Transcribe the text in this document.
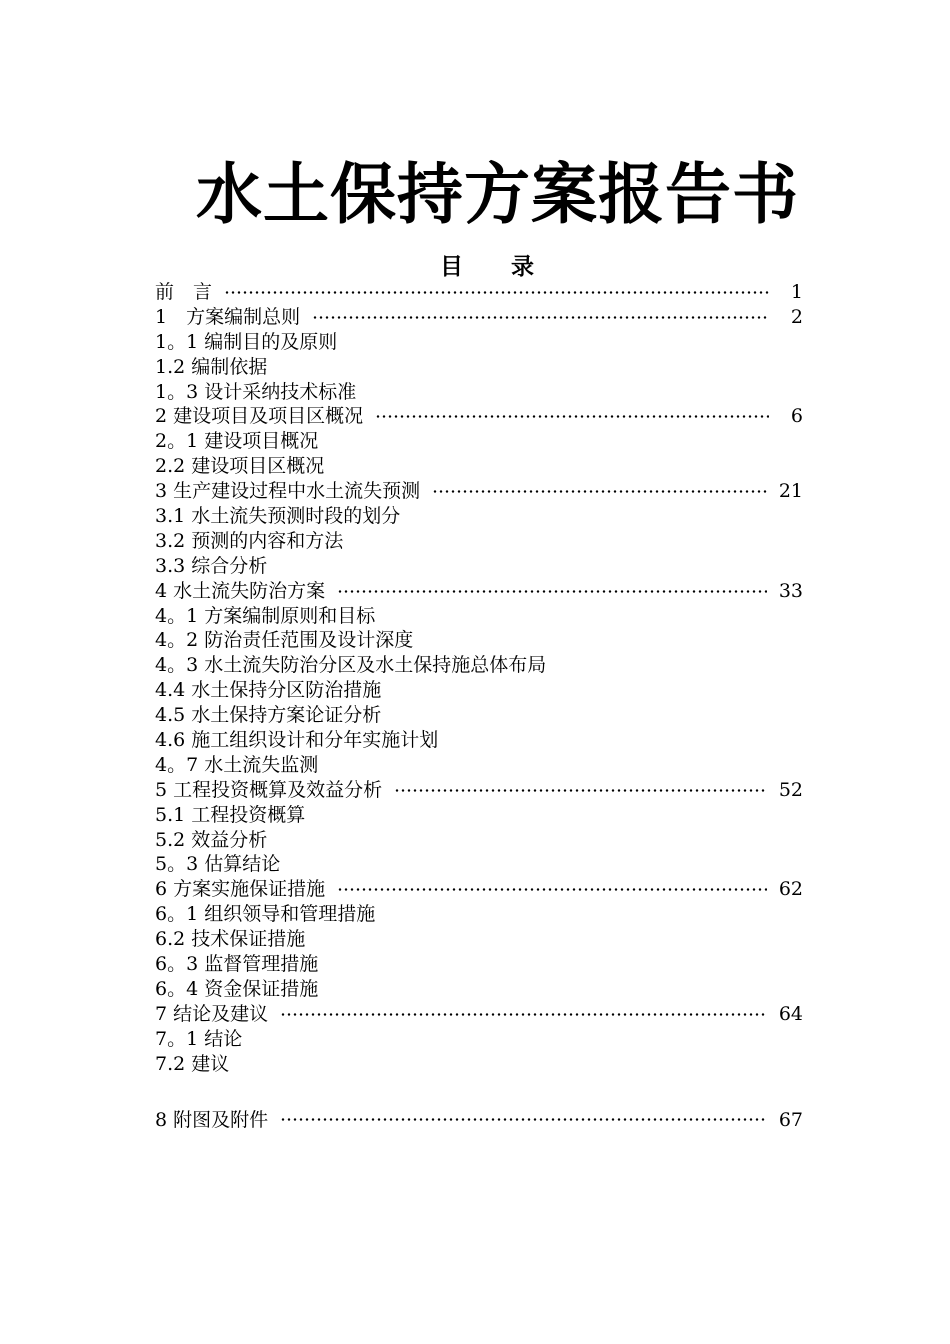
水土保持方案报告书
目录
前　言	1
1　方案编制总则	2
1。1 编制目的及原则
1.2 编制依据
1。3 设计采纳技术标准
2 建设项目及项目区概况	6
2。1 建设项目概况
2.2 建设项目区概况
3 生产建设过程中水土流失预测	21
3.1 水土流失预测时段的划分
3.2 预测的内容和方法
3.3 综合分析
4 水土流失防治方案	33
4。1 方案编制原则和目标
4。2 防治责任范围及设计深度
4。3 水土流失防治分区及水土保持施总体布局
4.4 水土保持分区防治措施
4.5 水土保持方案论证分析
4.6 施工组织设计和分年实施计划
4。7 水土流失监测
5 工程投资概算及效益分析	52
5.1 工程投资概算
5.2 效益分析
5。3 估算结论
6 方案实施保证措施	62
6。1 组织领导和管理措施
6.2 技术保证措施
6。3 监督管理措施
6。4 资金保证措施
7 结论及建议	64
7。1 结论
7.2 建议
8 附图及附件	67
